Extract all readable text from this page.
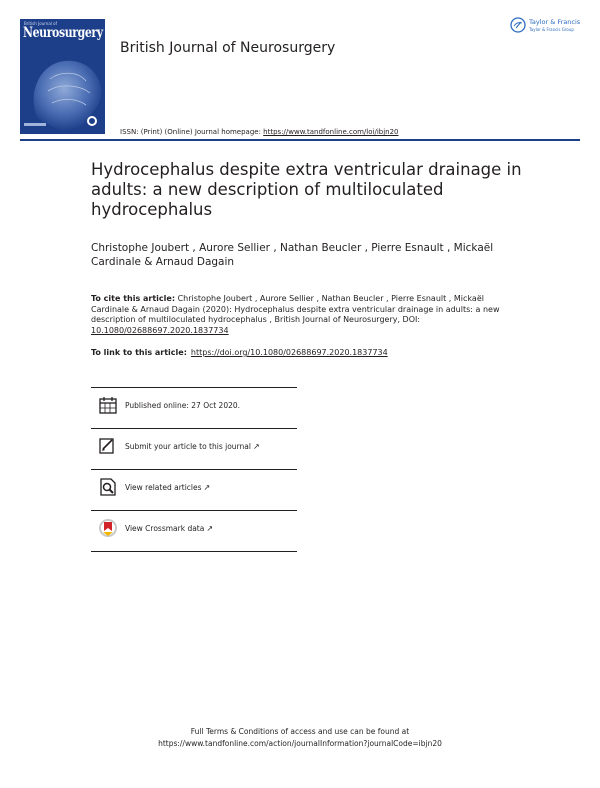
British Journal of
Neurosurgery
British Journal of Neurosurgery
ISSN: (Print) (Online) Journal homepage: https://www.tandfonline.com/loi/ibjn20
Taylor & Francis
Taylor & Francis Group
Hydrocephalus despite extra ventricular drainage in adults: a new description of multiloculated hydrocephalus
Christophe Joubert , Aurore Sellier , Nathan Beucler , Pierre Esnault , Mickaël Cardinale & Arnaud Dagain
To cite this article: Christophe Joubert , Aurore Sellier , Nathan Beucler , Pierre Esnault , Mickaël Cardinale & Arnaud Dagain (2020): Hydrocephalus despite extra ventricular drainage in adults: a new description of multiloculated hydrocephalus , British Journal of Neurosurgery, DOI: 10.1080/02688697.2020.1837734
To link to this article: https://doi.org/10.1080/02688697.2020.1837734
Published online: 27 Oct 2020.
Submit your article to this journal ↗
View related articles ↗
View Crossmark data ↗
Full Terms & Conditions of access and use can be found at
https://www.tandfonline.com/action/journalInformation?journalCode=ibjn20
